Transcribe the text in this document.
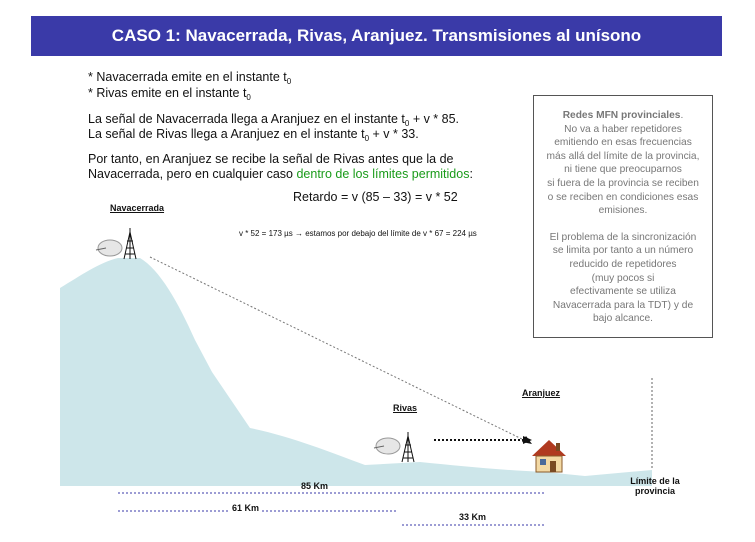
CASO 1: Navacerrada, Rivas, Aranjuez. Transmisiones al unísono
* Navacerrada emite en el instante $t_0$
* Rivas emite en el instante $t_0$
La señal de Navacerrada llega a Aranjuez en el instante $t_0 + v * 85$.
La señal de Rivas llega a Aranjuez en el instante $t_0 + v * 33$.
Por tanto, en Aranjuez se recibe la señal de Rivas antes que la de
Navacerrada, pero en cualquier caso dentro de los límites permitidos:
Retardo = v (85 – 33) = v * 52
v * 52 = 173 µs → estamos por debajo del límite de v * 67 = 224 µs
Redes MFN provinciales.
No va a haber repetidores
emitiendo en esas frecuencias
más allá del límite de la provincia,
ni tiene que preocuparnos
si fuera de la provincia se reciben
o se reciben en condiciones esas
emisiones.
El problema de la sincronización
se limita por tanto a un número
reducido de repetidores
(muy pocos si
efectivamente se utiliza
Navacerrada para la TDT) y de
bajo alcance.
Navacerrada
Rivas
Aranjuez
Límite de la
provincia
85 Km
61 Km
33 Km
